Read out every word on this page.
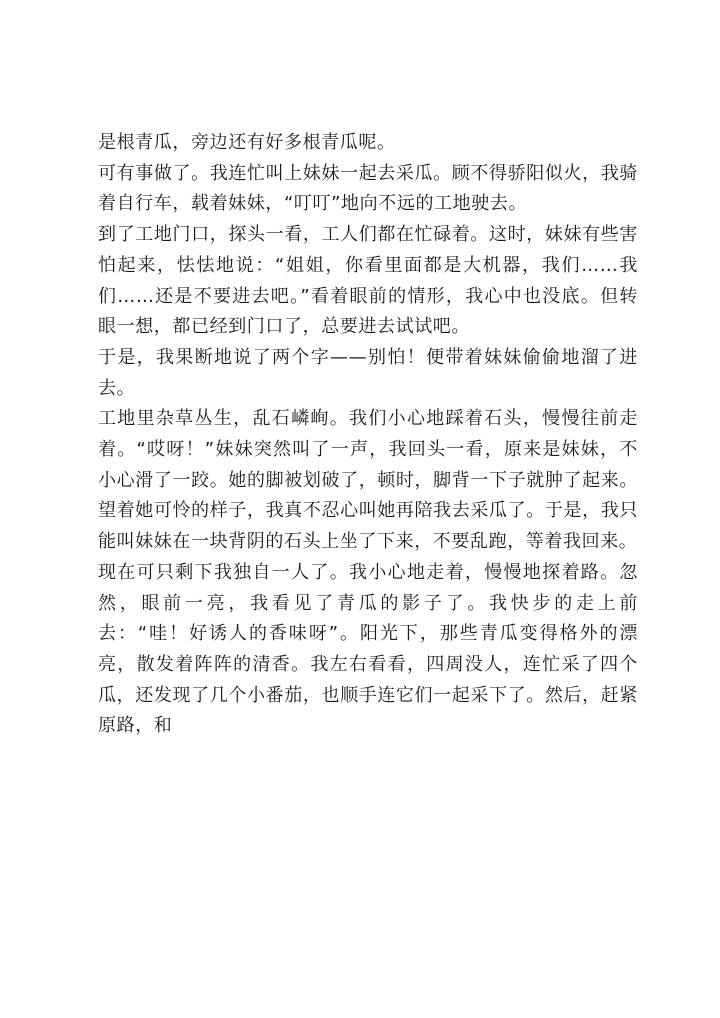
是根青瓜，旁边还有好多根青瓜呢。

可有事做了。我连忙叫上妹妹一起去采瓜。顾不得骄阳似火，我骑着自行车，载着妹妹，“叮叮”地向不远的工地驶去。

到了工地门口，探头一看，工人们都在忙碌着。这时，妹妹有些害怕起来，怯怯地说：“姐姐，你看里面都是大机器，我们……我们……还是不要进去吧。”看着眼前的情形，我心中也没底。但转眼一想，都已经到门口了，总要进去试试吧。

于是，我果断地说了两个字——别怕！便带着妹妹偷偷地溜了进去。

工地里杂草丛生，乱石嶙峋。我们小心地踩着石头，慢慢往前走着。“哎呀！”妹妹突然叫了一声，我回头一看，原来是妹妹，不小心滑了一跤。她的脚被划破了，顿时，脚背一下子就肿了起来。望着她可怜的样子，我真不忍心叫她再陪我去采瓜了。于是，我只能叫妹妹在一块背阴的石头上坐了下来，不要乱跑，等着我回来。

现在可只剩下我独自一人了。我小心地走着，慢慢地探着路。忽然，眼前一亮，我看见了青瓜的影子了。我快步的走上前去：“哇！好诱人的香味呀”。阳光下，那些青瓜变得格外的漂亮，散发着阵阵的清香。我左右看看，四周没人，连忙采了四个瓜，还发现了几个小番茄，也顺手连它们一起采下了。然后，赶紧原路，和
